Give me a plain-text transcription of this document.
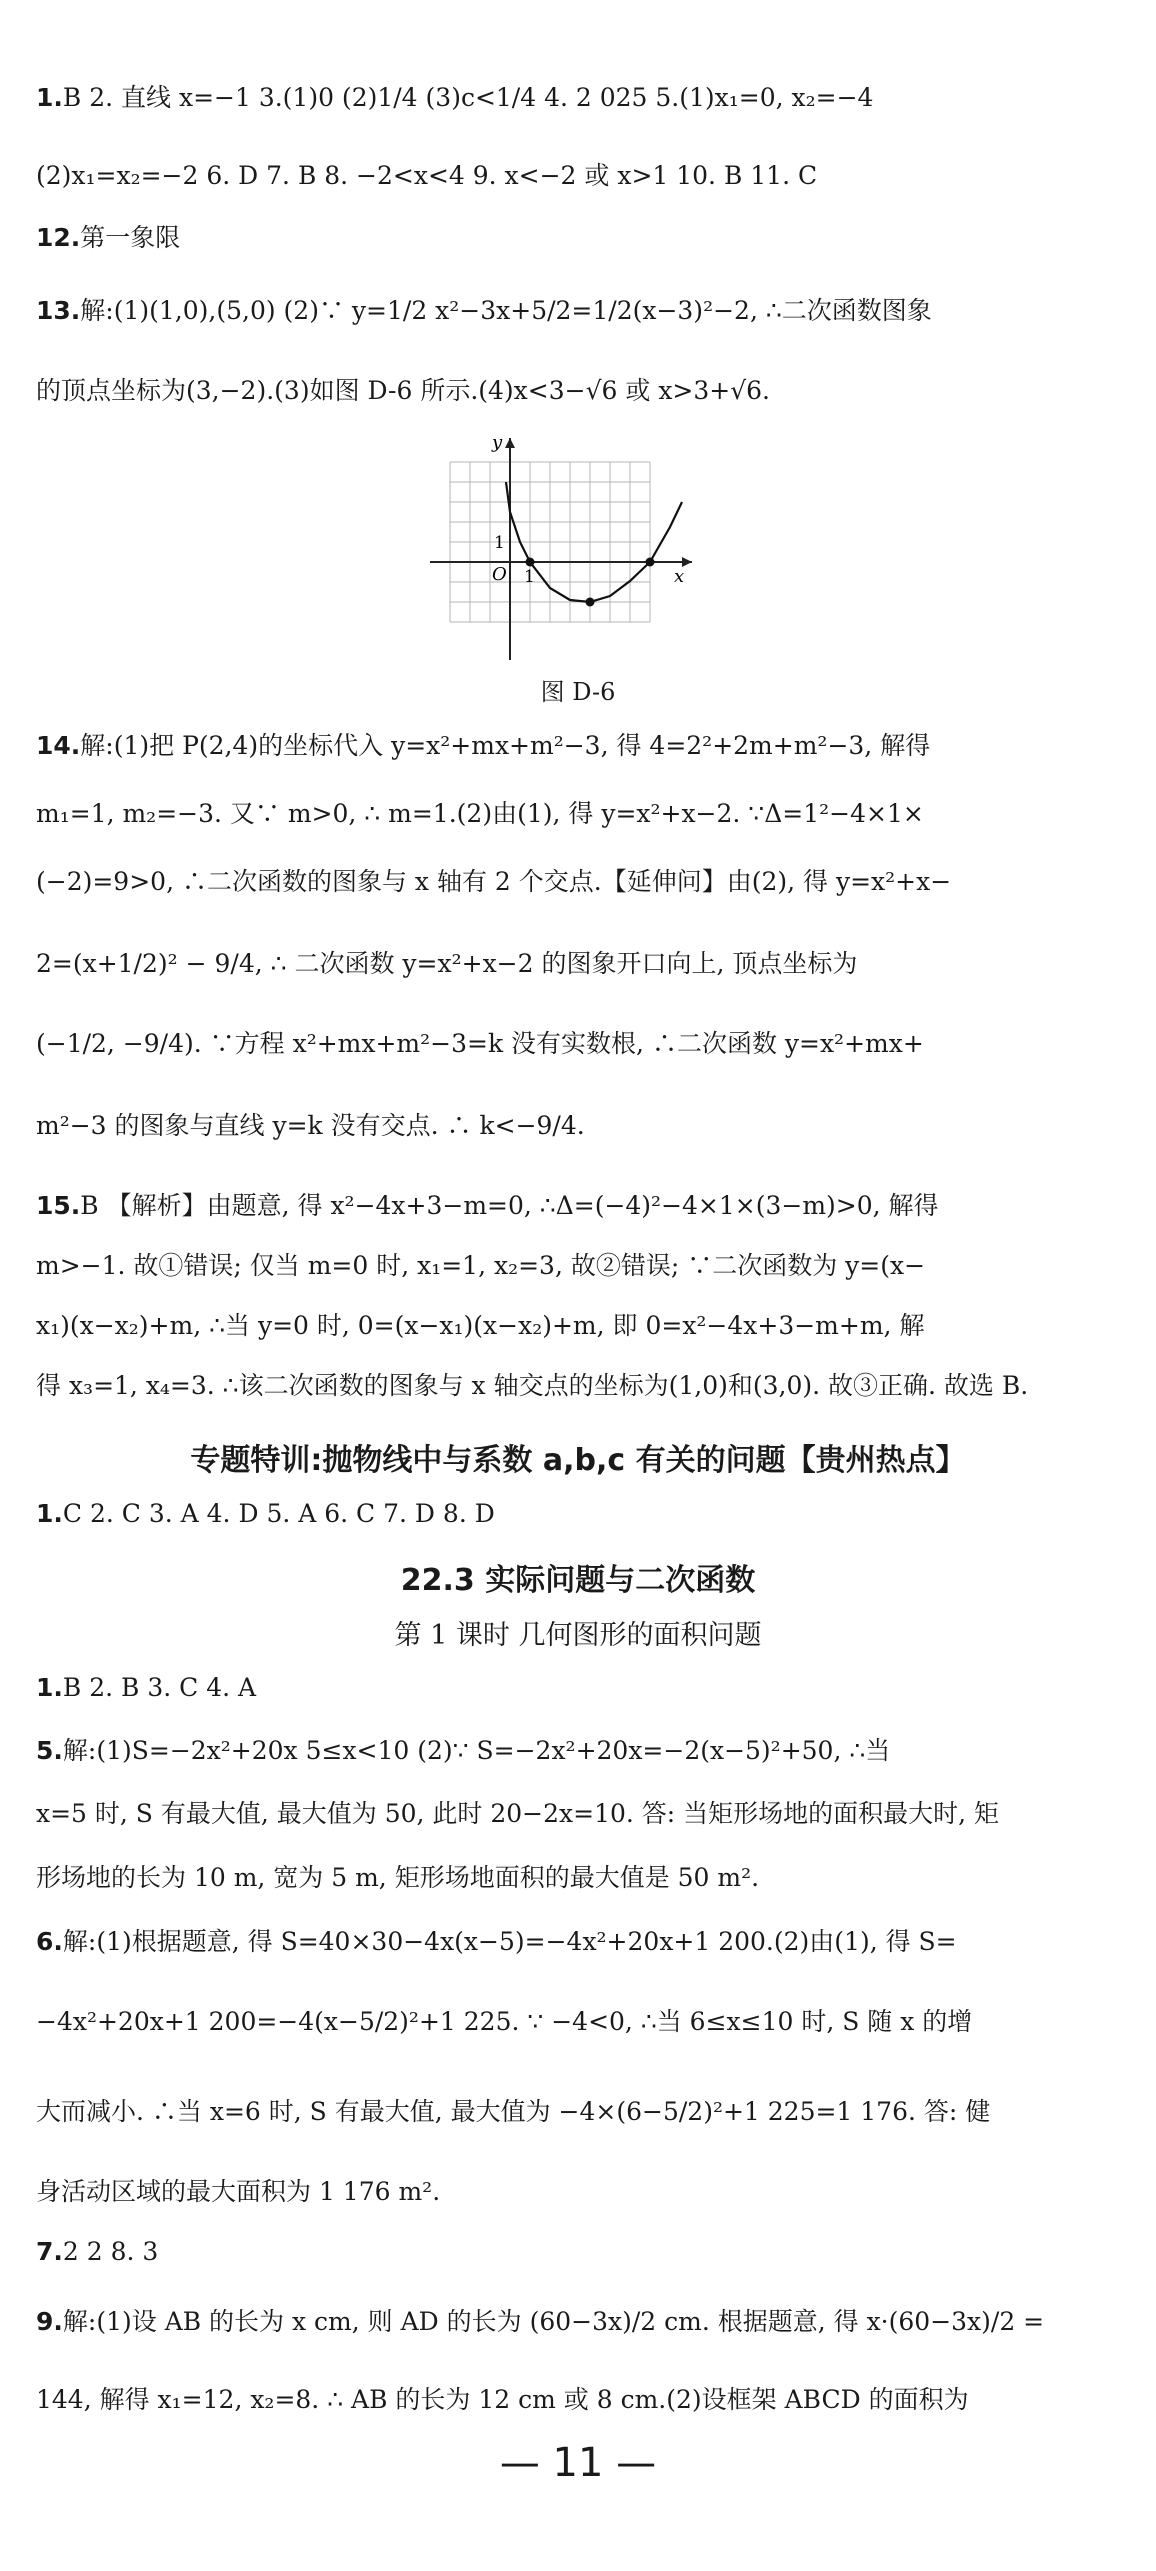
1.B 2. 直线 x=−1 3.(1)0 (2)1/4 (3)c<1/4 4. 2 025 5.(1)x₁=0, x₂=−4
(2)x₁=x₂=−2 6. D 7. B 8. −2<x<4 9. x<−2 或 x>1 10. B 11. C
12.第一象限
13.解:(1)(1,0),(5,0) (2)∵ y=1/2 x²−3x+5/2=1/2(x−3)²−2, ∴二次函数图象
的顶点坐标为(3,−2).(3)如图 D-6 所示.(4)x<3−√6 或 x>3+√6.
x
y
O 1
1
图 D-6
14.解:(1)把 P(2,4)的坐标代入 y=x²+mx+m²−3, 得 4=2²+2m+m²−3, 解得
m₁=1, m₂=−3. 又∵ m>0, ∴ m=1.(2)由(1), 得 y=x²+x−2. ∵Δ=1²−4×1×
(−2)=9>0, ∴二次函数的图象与 x 轴有 2 个交点.【延伸问】由(2), 得 y=x²+x−
2=(x+1/2)² − 9/4, ∴ 二次函数 y=x²+x−2 的图象开口向上, 顶点坐标为
(−1/2, −9/4). ∵方程 x²+mx+m²−3=k 没有实数根, ∴二次函数 y=x²+mx+
m²−3 的图象与直线 y=k 没有交点. ∴ k<−9/4.
15.B 【解析】由题意, 得 x²−4x+3−m=0, ∴Δ=(−4)²−4×1×(3−m)>0, 解得
m>−1. 故①错误; 仅当 m=0 时, x₁=1, x₂=3, 故②错误; ∵二次函数为 y=(x−
x₁)(x−x₂)+m, ∴当 y=0 时, 0=(x−x₁)(x−x₂)+m, 即 0=x²−4x+3−m+m, 解
得 x₃=1, x₄=3. ∴该二次函数的图象与 x 轴交点的坐标为(1,0)和(3,0). 故③正确. 故选 B.
专题特训:抛物线中与系数 a,b,c 有关的问题【贵州热点】
1.C 2. C 3. A 4. D 5. A 6. C 7. D 8. D
22.3 实际问题与二次函数
第 1 课时 几何图形的面积问题
1.B 2. B 3. C 4. A
5.解:(1)S=−2x²+20x 5≤x<10 (2)∵ S=−2x²+20x=−2(x−5)²+50, ∴当
x=5 时, S 有最大值, 最大值为 50, 此时 20−2x=10. 答: 当矩形场地的面积最大时, 矩
形场地的长为 10 m, 宽为 5 m, 矩形场地面积的最大值是 50 m².
6.解:(1)根据题意, 得 S=40×30−4x(x−5)=−4x²+20x+1 200.(2)由(1), 得 S=
−4x²+20x+1 200=−4(x−5/2)²+1 225. ∵ −4<0, ∴当 6≤x≤10 时, S 随 x 的增
大而减小. ∴当 x=6 时, S 有最大值, 最大值为 −4×(6−5/2)²+1 225=1 176. 答: 健
身活动区域的最大面积为 1 176 m².
7.2 2 8. 3
9.解:(1)设 AB 的长为 x cm, 则 AD 的长为 (60−3x)/2 cm. 根据题意, 得 x·(60−3x)/2 =
144, 解得 x₁=12, x₂=8. ∴ AB 的长为 12 cm 或 8 cm.(2)设框架 ABCD 的面积为
— 11 —
